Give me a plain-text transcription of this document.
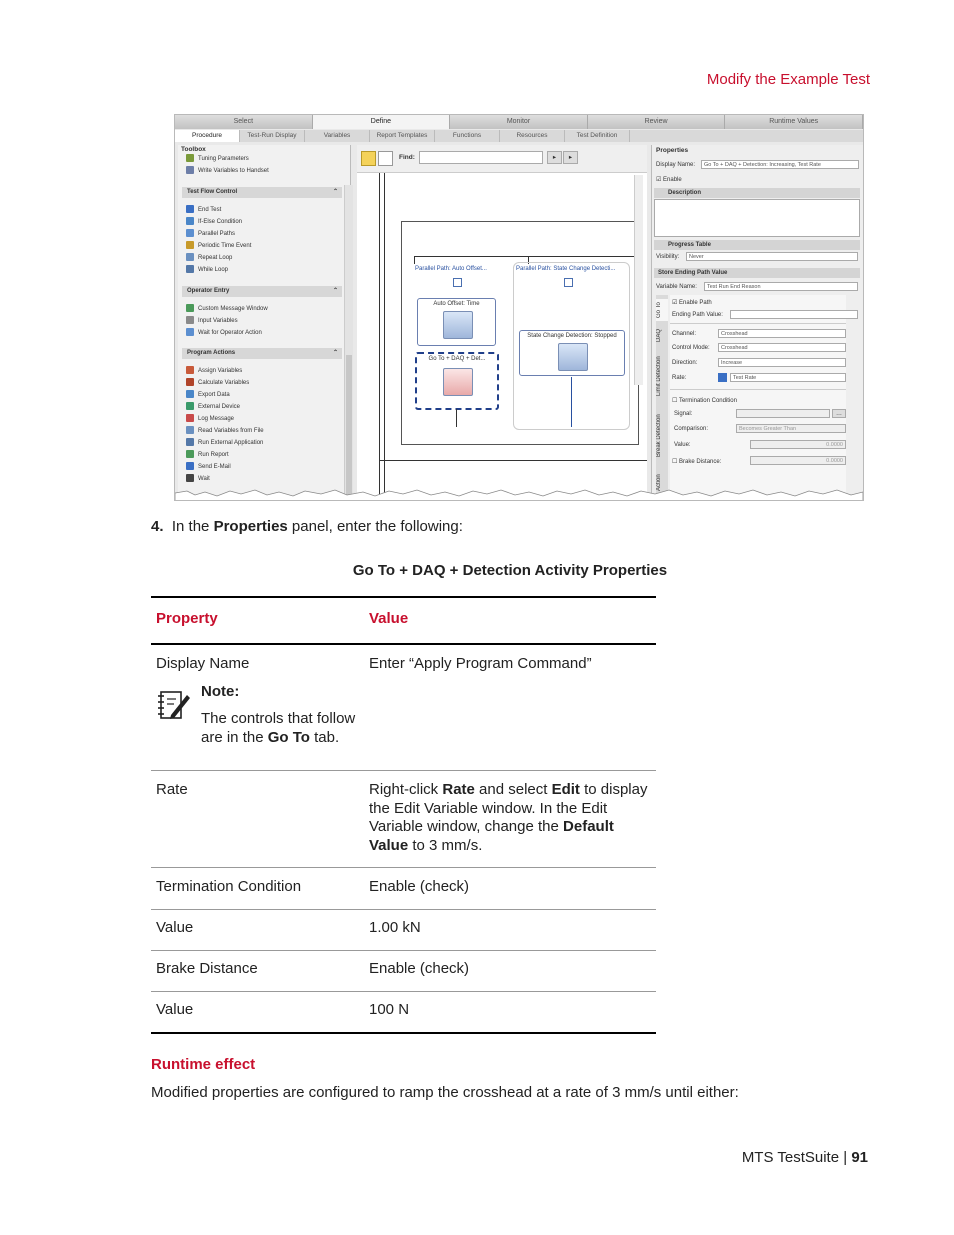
Modify the Example Test
Select	Define	Monitor	Review	Runtime Values
Procedure	Test-Run Display	Variables	Report Templates	Functions	Resources	Test Definition
Toolbox
Tuning Parameters
Write Variables to Handset
Test Flow Control	⌃
End Test
If-Else Condition
Parallel Paths
Periodic Time Event
Repeat Loop
While Loop
Operator Entry	⌃
Custom Message Window
Input Variables
Wait for Operator Action
Program Actions	⌃
Assign Variables
Calculate Variables
Export Data
External Device
Log Message
Read Variables from File
Run External Application
Run Report
Send E-Mail
Wait
Find:	▸	▸
Parallel Path: Auto Offset...	Parallel Path: State Change Detecti...
Auto Offset: Time
Go To + DAQ + Det...
State Change Detection: Stopped
Properties
Display Name:	Go To + DAQ + Detection: Increasing, Test Rate
☑ Enable
Description
Progress Table
Visibility:	Never
Store Ending Path Value
Variable Name:	Test Run End Reason
Go To
DAQ
Limit Detection
Break Detection
Action
☑ Enable Path
Ending Path Value:
Channel:	Crosshead
Control Mode:	Crosshead
Direction:	Increase
Rate:	Test Rate
☐ Termination Condition
Signal:	…
Comparison:	Becomes Greater Than
Value:	0.0000
☐ Brake Distance:	0.0000
4. In the Properties panel, enter the following:
Go To + DAQ + Detection Activity Properties
Property	Value
Display Name	Enter “Apply Program Command”
Note:
The controls that follow are in the Go To tab.
Rate	Right-click Rate and select Edit to display the Edit Variable window. In the Edit Variable window, change the Default Value to 3 mm/s.
Termination Condition	Enable (check)
Value	1.00 kN
Brake Distance	Enable (check)
Value	100 N
Runtime effect
Modified properties are configured to ramp the crosshead at a rate of 3 mm/s until either:
MTS TestSuite | 91
